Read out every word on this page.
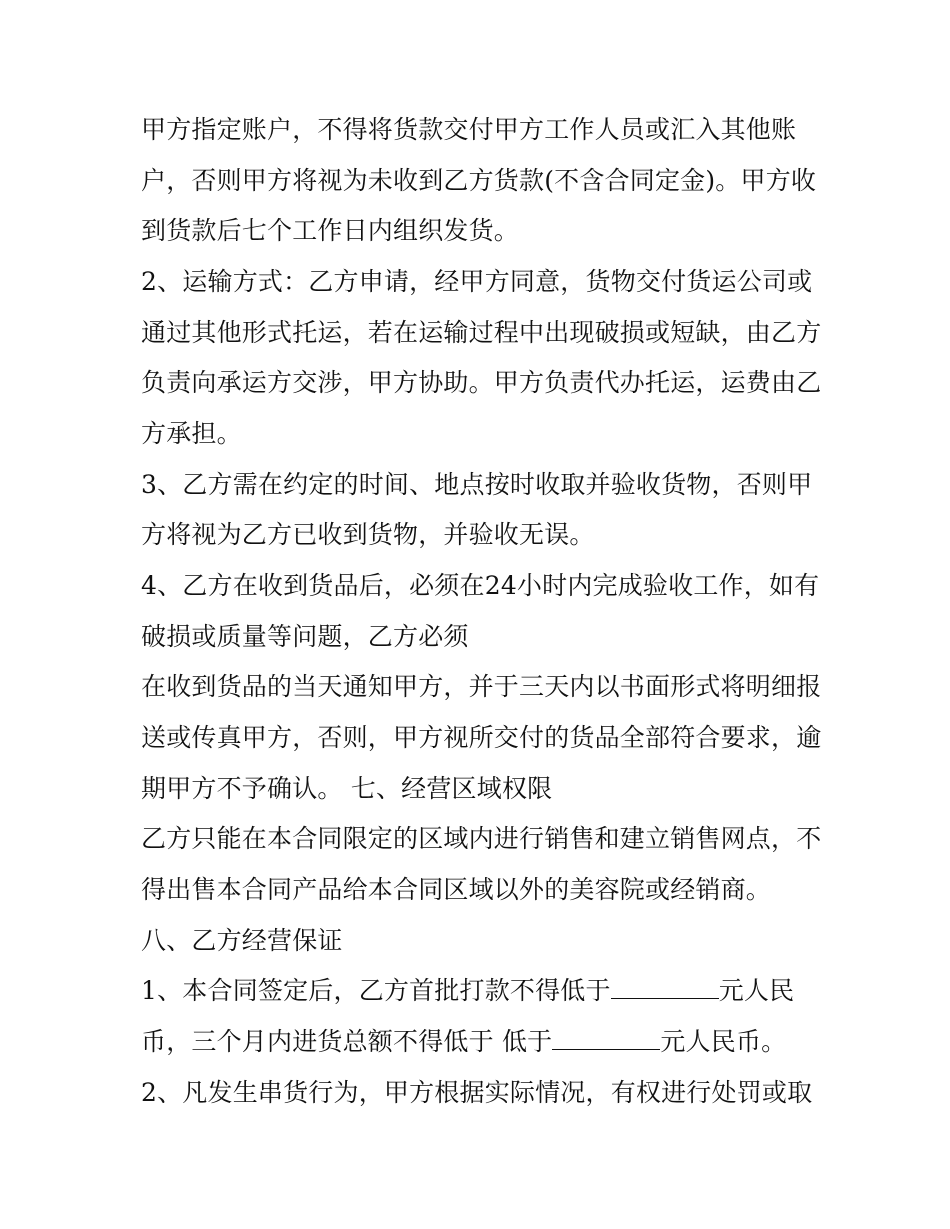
甲方指定账户，不得将货款交付甲方工作人员或汇入其他账
户，否则甲方将视为未收到乙方货款(不含合同定金)。甲方收
到货款后七个工作日内组织发货。
2、运输方式：乙方申请，经甲方同意，货物交付货运公司或
通过其他形式托运，若在运输过程中出现破损或短缺，由乙方
负责向承运方交涉，甲方协助。甲方负责代办托运，运费由乙
方承担。
3、乙方需在约定的时间、地点按时收取并验收货物，否则甲
方将视为乙方已收到货物，并验收无误。
4、乙方在收到货品后，必须在24小时内完成验收工作，如有
破损或质量等问题，乙方必须
在收到货品的当天通知甲方，并于三天内以书面形式将明细报
送或传真甲方，否则，甲方视所交付的货品全部符合要求，逾
期甲方不予确认。 七、经营区域权限
乙方只能在本合同限定的区域内进行销售和建立销售网点，不
得出售本合同产品给本合同区域以外的美容院或经销商。
八、乙方经营保证
1、本合同签定后，乙方首批打款不得低于	元人民
币，三个月内进货总额不得低于 低于	元人民币。
2、凡发生串货行为，甲方根据实际情况，有权进行处罚或取
